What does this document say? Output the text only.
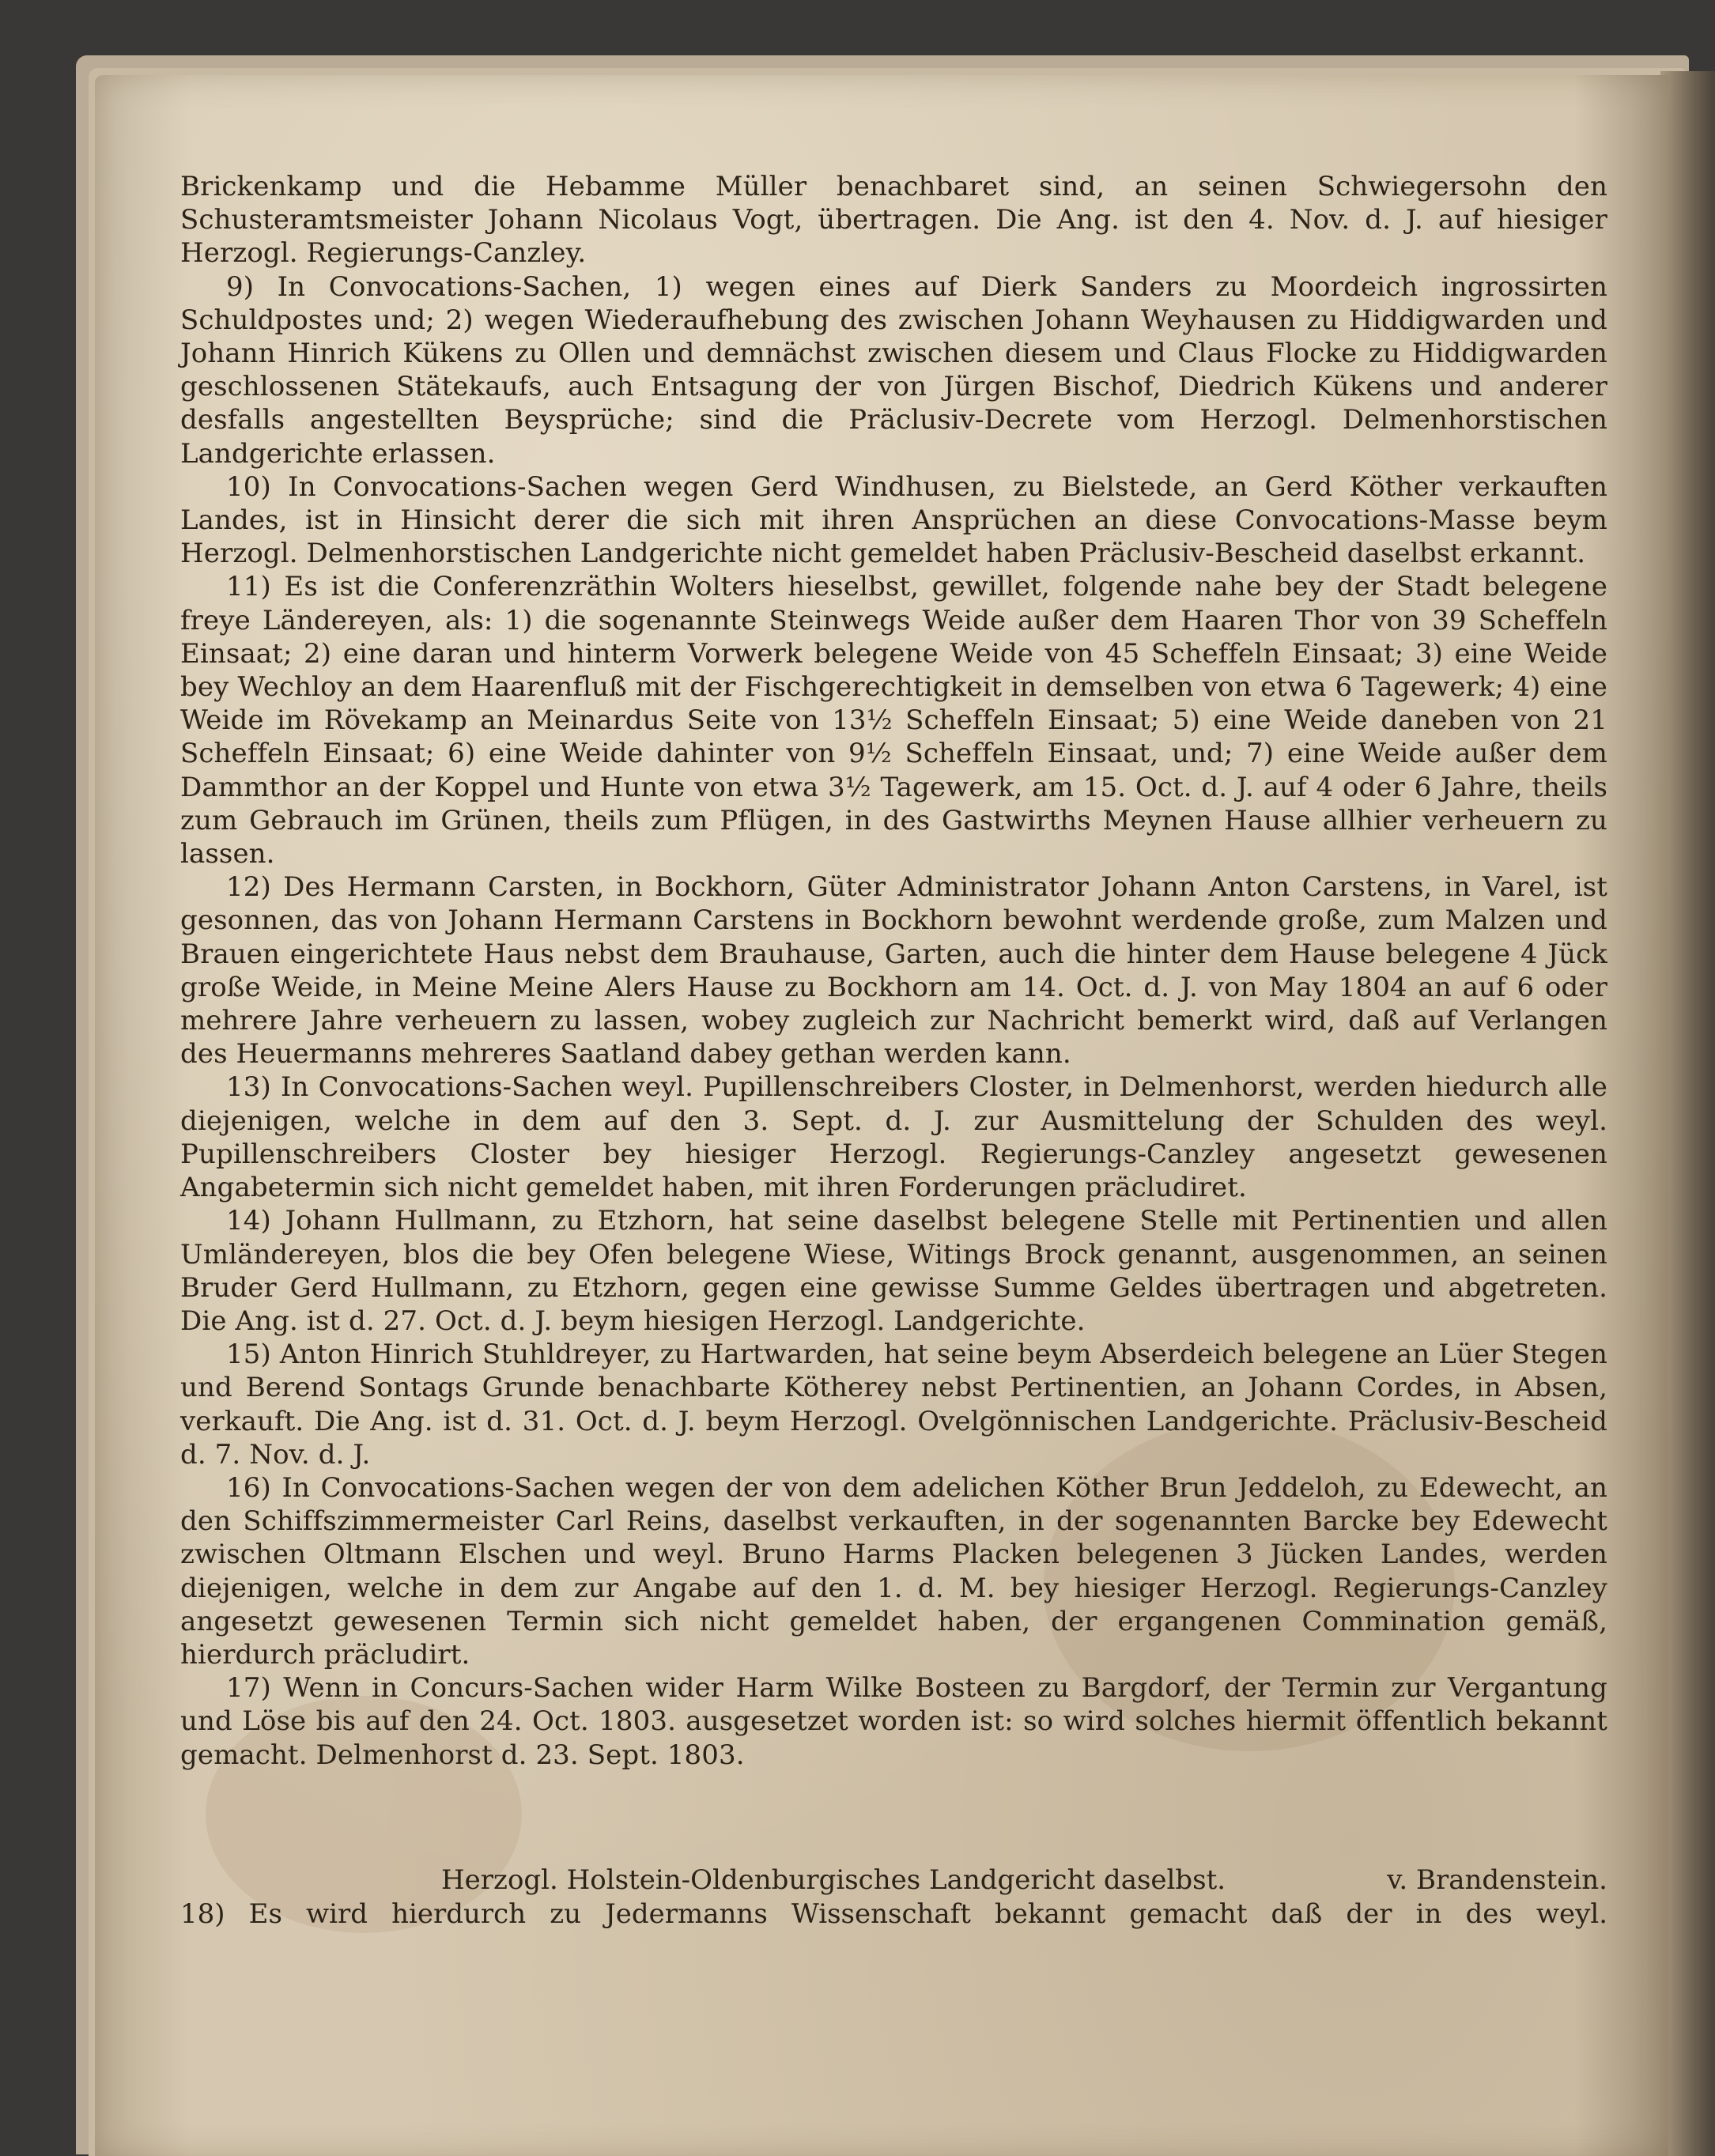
Brickenkamp und die Hebamme Müller benachbaret sind, an seinen Schwiegersohn den Schusteramtsmeister Johann Nicolaus Vogt, übertragen. Die Ang. ist den 4. Nov. d. J. auf hiesiger Herzogl. Regierungs-Canzley.

9) In Convocations-Sachen, 1) wegen eines auf Dierk Sanders zu Moordeich ingrossirten Schuldpostes und; 2) wegen Wiederaufhebung des zwischen Johann Weyhausen zu Hiddigwarden und Johann Hinrich Kükens zu Ollen und demnächst zwischen diesem und Claus Flocke zu Hiddigwarden geschlossenen Stätekaufs, auch Entsagung der von Jürgen Bischof, Diedrich Kükens und anderer desfalls angestellten Beysprüche; sind die Präclusiv-Decrete vom Herzogl. Delmenhorstischen Landgerichte erlassen.

10) In Convocations-Sachen wegen Gerd Windhusen, zu Bielstede, an Gerd Köther verkauften Landes, ist in Hinsicht derer die sich mit ihren Ansprüchen an diese Convocations-Masse beym Herzogl. Delmenhorstischen Landgerichte nicht gemeldet haben Präclusiv-Bescheid daselbst erkannt.

11) Es ist die Conferenzräthin Wolters hieselbst, gewillet, folgende nahe bey der Stadt belegene freye Ländereyen, als: 1) die sogenannte Steinwegs Weide außer dem Haaren Thor von 39 Scheffeln Einsaat; 2) eine daran und hinterm Vorwerk belegene Weide von 45 Scheffeln Einsaat; 3) eine Weide bey Wechloy an dem Haarenfluß mit der Fischgerechtigkeit in demselben von etwa 6 Tagewerk; 4) eine Weide im Rövekamp an Meinardus Seite von 13½ Scheffeln Einsaat; 5) eine Weide daneben von 21 Scheffeln Einsaat; 6) eine Weide dahinter von 9½ Scheffeln Einsaat, und; 7) eine Weide außer dem Dammthor an der Koppel und Hunte von etwa 3½ Tagewerk, am 15. Oct. d. J. auf 4 oder 6 Jahre, theils zum Gebrauch im Grünen, theils zum Pflügen, in des Gastwirths Meynen Hause allhier verheuern zu lassen.

12) Des Hermann Carsten, in Bockhorn, Güter Administrator Johann Anton Carstens, in Varel, ist gesonnen, das von Johann Hermann Carstens in Bockhorn bewohnt werdende große, zum Malzen und Brauen eingerichtete Haus nebst dem Brauhause, Garten, auch die hinter dem Hause belegene 4 Jück große Weide, in Meine Meine Alers Hause zu Bockhorn am 14. Oct. d. J. von May 1804 an auf 6 oder mehrere Jahre verheuern zu lassen, wobey zugleich zur Nachricht bemerkt wird, daß auf Verlangen des Heuermanns mehreres Saatland dabey gethan werden kann.

13) In Convocations-Sachen weyl. Pupillenschreibers Closter, in Delmenhorst, werden hiedurch alle diejenigen, welche in dem auf den 3. Sept. d. J. zur Ausmittelung der Schulden des weyl. Pupillenschreibers Closter bey hiesiger Herzogl. Regierungs-Canzley angesetzt gewesenen Angabetermin sich nicht gemeldet haben, mit ihren Forderungen präcludiret.

14) Johann Hullmann, zu Etzhorn, hat seine daselbst belegene Stelle mit Pertinentien und allen Umländereyen, blos die bey Ofen belegene Wiese, Witings Brock genannt, ausgenommen, an seinen Bruder Gerd Hullmann, zu Etzhorn, gegen eine gewisse Summe Geldes übertragen und abgetreten. Die Ang. ist d. 27. Oct. d. J. beym hiesigen Herzogl. Landgerichte.

15) Anton Hinrich Stuhldreyer, zu Hartwarden, hat seine beym Abserdeich belegene an Lüer Stegen und Berend Sontags Grunde benachbarte Kötherey nebst Pertinentien, an Johann Cordes, in Absen, verkauft. Die Ang. ist d. 31. Oct. d. J. beym Herzogl. Ovelgönnischen Landgerichte. Präclusiv-Bescheid d. 7. Nov. d. J.

16) In Convocations-Sachen wegen der von dem adelichen Köther Brun Jeddeloh, zu Edewecht, an den Schiffszimmermeister Carl Reins, daselbst verkauften, in der sogenannten Barcke bey Edewecht zwischen Oltmann Elschen und weyl. Bruno Harms Placken belegenen 3 Jücken Landes, werden diejenigen, welche in dem zur Angabe auf den 1. d. M. bey hiesiger Herzogl. Regierungs-Canzley angesetzt gewesenen Termin sich nicht gemeldet haben, der ergangenen Commination gemäß, hierdurch präcludirt.

17) Wenn in Concurs-Sachen wider Harm Wilke Bosteen zu Bargdorf, der Termin zur Vergantung und Löse bis auf den 24. Oct. 1803. ausgesetzet worden ist: so wird solches hiermit öffentlich bekannt gemacht. Delmenhorst d. 23. Sept. 1803.

Herzogl. Holstein-Oldenburgisches Landgericht daselbst.	v. Brandenstein.
18) Es wird hierdurch zu Jedermanns Wissenschaft bekannt gemacht daß der in des weyl.
